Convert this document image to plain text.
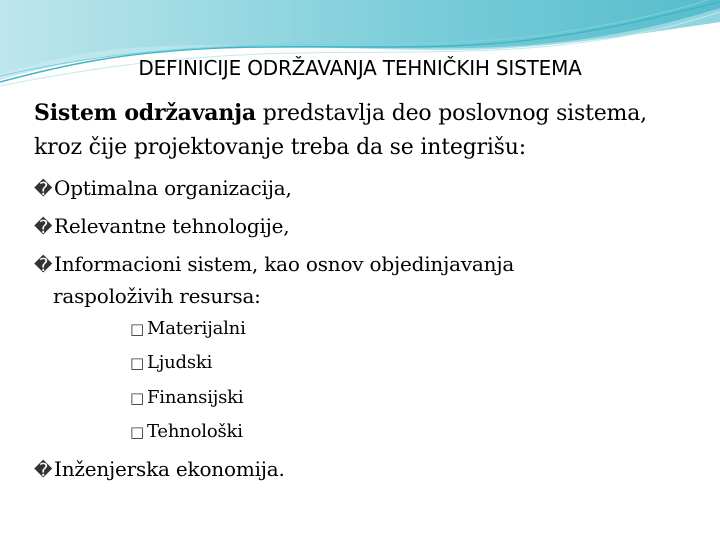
DEFINICIJE ODRŽAVANJA TEHNIČKIH SISTEMA
Sistem održavanja predstavlja deo poslovnog sistema,
kroz čije projektovanje treba da se integrišu:
�Optimalna organizacija,
�Relevantne tehnologije,
�Informacioni sistem, kao osnov objedinjavanja
raspoloživih resursa:
□ Materijalni
□ Ljudski
□ Finansijski
□ Tehnološki
�Inženjerska ekonomija.
